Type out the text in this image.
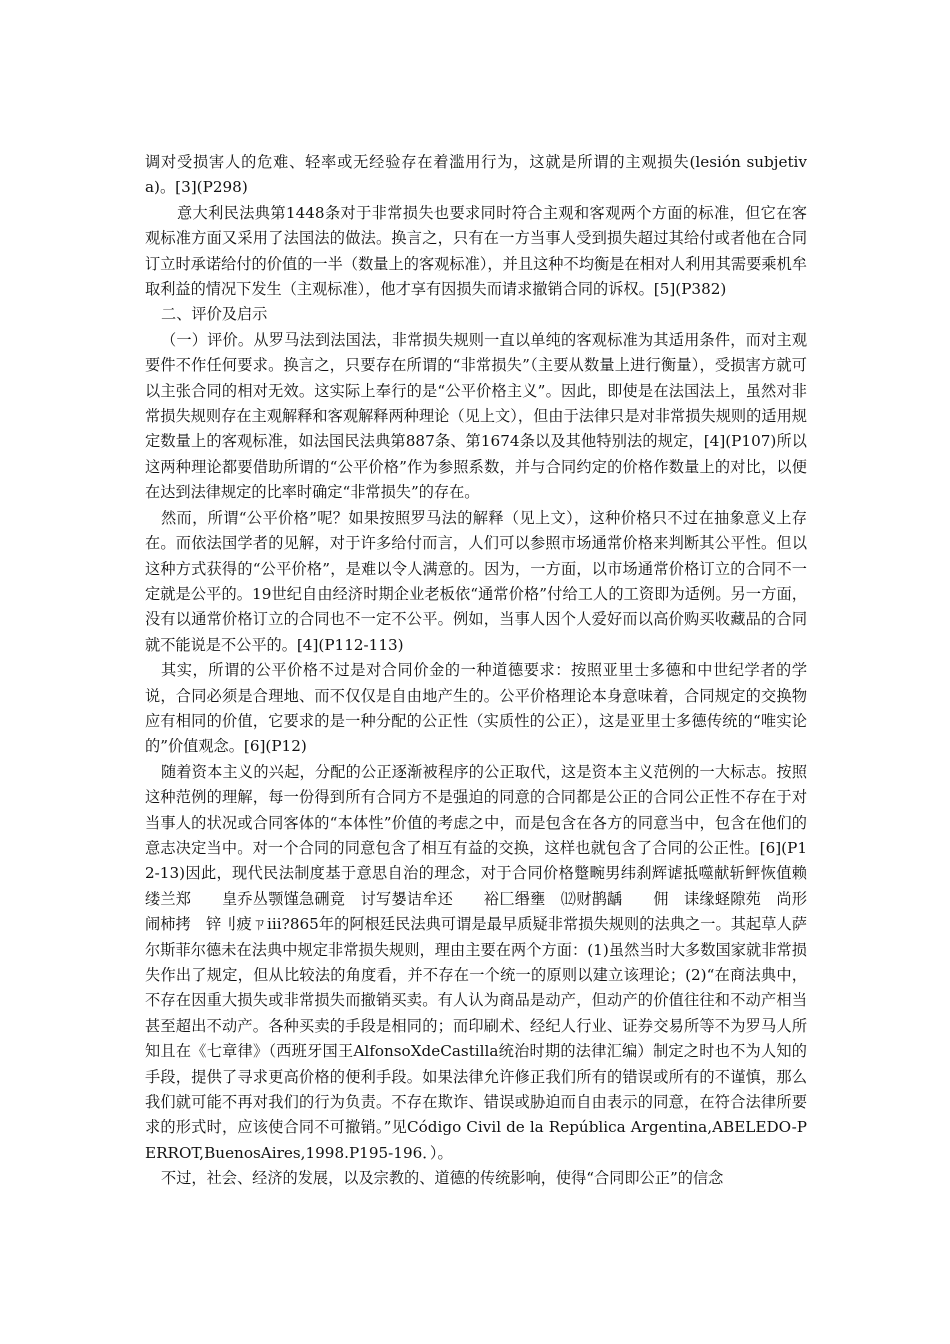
调对受损害人的危难、轻率或无经验存在着滥用行为，这就是所谓的主观损失(lesión subjetiva)。[3](P298)

意大利民法典第1448条对于非常损失也要求同时符合主观和客观两个方面的标准，但它在客观标准方面又采用了法国法的做法。换言之，只有在一方当事人受到损失超过其给付或者他在合同订立时承诺给付的价值的一半（数量上的客观标准），并且这种不均衡是在相对人利用其需要乘机牟取利益的情况下发生（主观标准），他才享有因损失而请求撤销合同的诉权。[5](P382)

二、评价及启示

（一）评价。从罗马法到法国法，非常损失规则一直以单纯的客观标准为其适用条件，而对主观要件不作任何要求。换言之，只要存在所谓的“非常损失”（主要从数量上进行衡量），受损害方就可以主张合同的相对无效。这实际上奉行的是“公平价格主义”。因此，即使是在法国法上，虽然对非常损失规则存在主观解释和客观解释两种理论（见上文），但由于法律只是对非常损失规则的适用规定数量上的客观标准，如法国民法典第887条、第1674条以及其他特别法的规定，[4](P107)所以这两种理论都要借助所谓的“公平价格”作为参照系数，并与合同约定的价格作数量上的对比，以便在达到法律规定的比率时确定“非常损失”的存在。

然而，所谓“公平价格”呢？如果按照罗马法的解释（见上文），这种价格只不过在抽象意义上存在。而依法国学者的见解，对于许多给付而言，人们可以参照市场通常价格来判断其公平性。但以这种方式获得的“公平价格”，是难以令人满意的。因为，一方面，以市场通常价格订立的合同不一定就是公平的。19世纪自由经济时期企业老板依“通常价格”付给工人的工资即为适例。另一方面，没有以通常价格订立的合同也不一定不公平。例如，当事人因个人爱好而以高价购买收藏品的合同就不能说是不公平的。[4](P112-113)

其实，所谓的公平价格不过是对合同价金的一种道德要求：按照亚里士多德和中世纪学者的学说，合同必须是合理地、而不仅仅是自由地产生的。公平价格理论本身意味着，合同规定的交换物应有相同的价值，它要求的是一种分配的公正性（实质性的公正），这是亚里士多德传统的“唯实论的”价值观念。[6](P12)

随着资本主义的兴起，分配的公正逐渐被程序的公正取代，这是资本主义范例的一大标志。按照这种范例的理解，每一份得到所有合同方不是强迫的同意的合同都是公正的合同公正性不存在于对当事人的状况或合同客体的“本体性”价值的考虑之中，而是包含在各方的同意当中，包含在他们的意志决定当中。对一个合同的同意包含了相互有益的交换，这样也就包含了合同的公正性。[6](P12-13)因此，现代民法制度基于意思自治的理念，对于合同价格蹩畹男纬刹辉谑抵噬献斩鲆恢值赖缕兰郑　　皇乔丛颚馑急硎竟　讨写嫢诘牟还　　裕匚缗壅　⑿财鹊龋　　佣　诔缘蛏隙苑　尚形　闹柿拷　锌刂疲ㄗⅲ?865年的阿根廷民法典可谓是最早质疑非常损失规则的法典之一。其起草人萨尔斯菲尔德未在法典中规定非常损失规则，理由主要在两个方面：(1)虽然当时大多数国家就非常损失作出了规定，但从比较法的角度看，并不存在一个统一的原则以建立该理论；(2)“在商法典中，不存在因重大损失或非常损失而撤销买卖。有人认为商品是动产，但动产的价值往往和不动产相当甚至超出不动产。各种买卖的手段是相同的；而印刷术、经纪人行业、证券交易所等不为罗马人所知且在《七章律》（西班牙国王AlfonsoXdeCastilla统治时期的法律汇编）制定之时也不为人知的手段，提供了寻求更高价格的便利手段。如果法律允许修正我们所有的错误或所有的不谨慎，那么我们就可能不再对我们的行为负责。不存在欺诈、错误或胁迫而自由表示的同意，在符合法律所要求的形式时，应该使合同不可撤销。”见Código Civil de la República Argentina,ABELEDO-PERROT,BuenosAires,1998.P195-196．）。

不过，社会、经济的发展，以及宗教的、道德的传统影响，使得“合同即公正”的信念
